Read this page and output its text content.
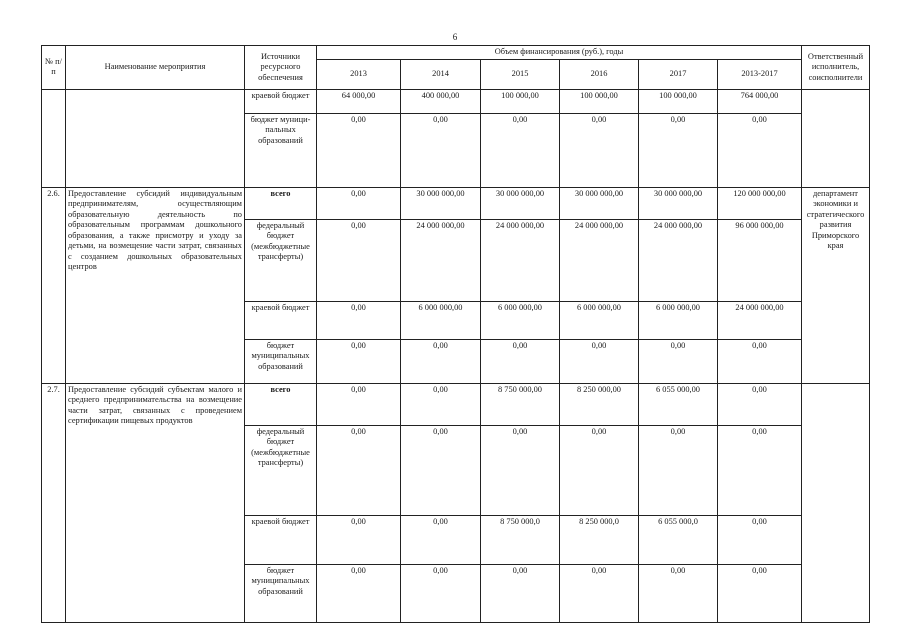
6
№ п/п	Наименование мероприятия	Источники ресурсного обеспечения	Объем финансирования (руб.), годы						Ответственный исполнитель, соисполнители
			2013	2014	2015	2016	2017	2013-2017	
		краевой бюджет	64 000,00	400 000,00	100 000,00	100 000,00	100 000,00	764 000,00	
		бюджет муниципальных образований	0,00	0,00	0,00	0,00	0,00	0,00	
2.6.	Предоставление субсидий индивидуальным предпринимателям, осуществляющим образовательную деятельность по образовательным программам дошкольного образования, а также присмотру и уходу за детьми, на возмещение части затрат, связанных с созданием дошкольных образовательных центров	всего	0,00	30 000 000,00	30 000 000,00	30 000 000,00	30 000 000,00	120 000 000,00	департамент экономики и стратегического развития Приморского края
		федеральный бюджет (межбюджетные трансферты)	0,00	24 000 000,00	24 000 000,00	24 000 000,00	24 000 000,00	96 000 000,00	
		краевой бюджет	0,00	6 000 000,00	6 000 000,00	6 000 000,00	6 000 000,00	24 000 000,00	
		бюджет муниципальных образований	0,00	0,00	0,00	0,00	0,00	0,00	
2.7.	Предоставление субсидий субъектам малого и среднего предпринимательства на возмещение части затрат, связанных с проведением сертификации пищевых продуктов	всего	0,00	0,00	8 750 000,00	8 250 000,00	6 055 000,00	0,00	
		федеральный бюджет (межбюджетные трансферты)	0,00	0,00	0,00	0,00	0,00	0,00	
		краевой бюджет	0,00	0,00	8 750 000,0	8 250 000,0	6 055 000,0	0,00	
		бюджет муниципальных образований	0,00	0,00	0,00	0,00	0,00	0,00	
